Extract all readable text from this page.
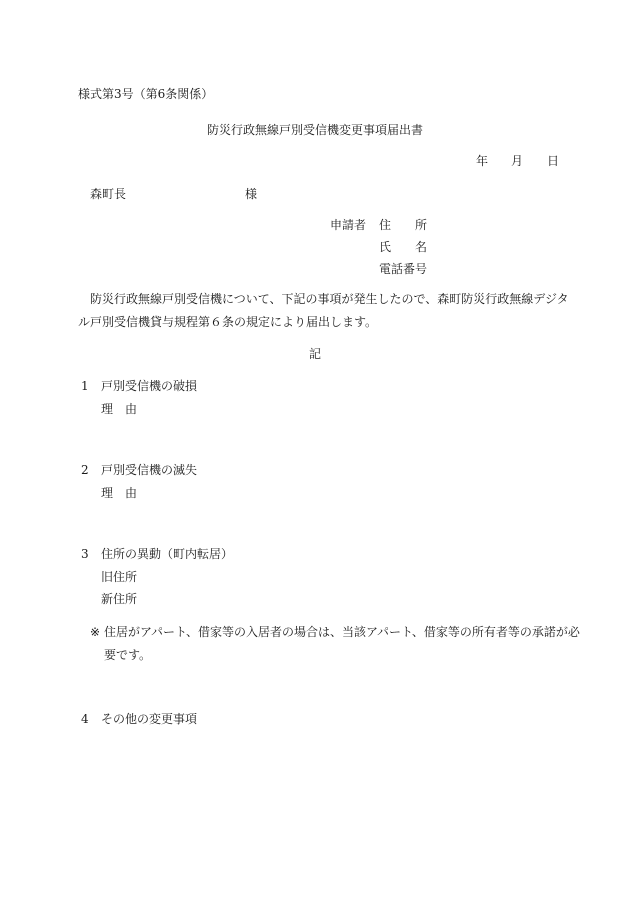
様式第3号（第6条関係）
防災行政無線戸別受信機変更事項届出書
年 月 日
森町長	様
申請者 住　　所
氏　　名
電話番号

防災行政無線戸別受信機について、下記の事項が発生したので、森町防災行政無線デジタル戸別受信機貸与規程第６条の規定により届出します。

記
1 戸別受信機の破損
理　由
2 戸別受信機の滅失
理　由
3 住所の異動（町内転居）
旧住所
新住所
※ 住居がアパート、借家等の入居者の場合は、当該アパート、借家等の所有者等の承諾が必要です。

4 その他の変更事項
